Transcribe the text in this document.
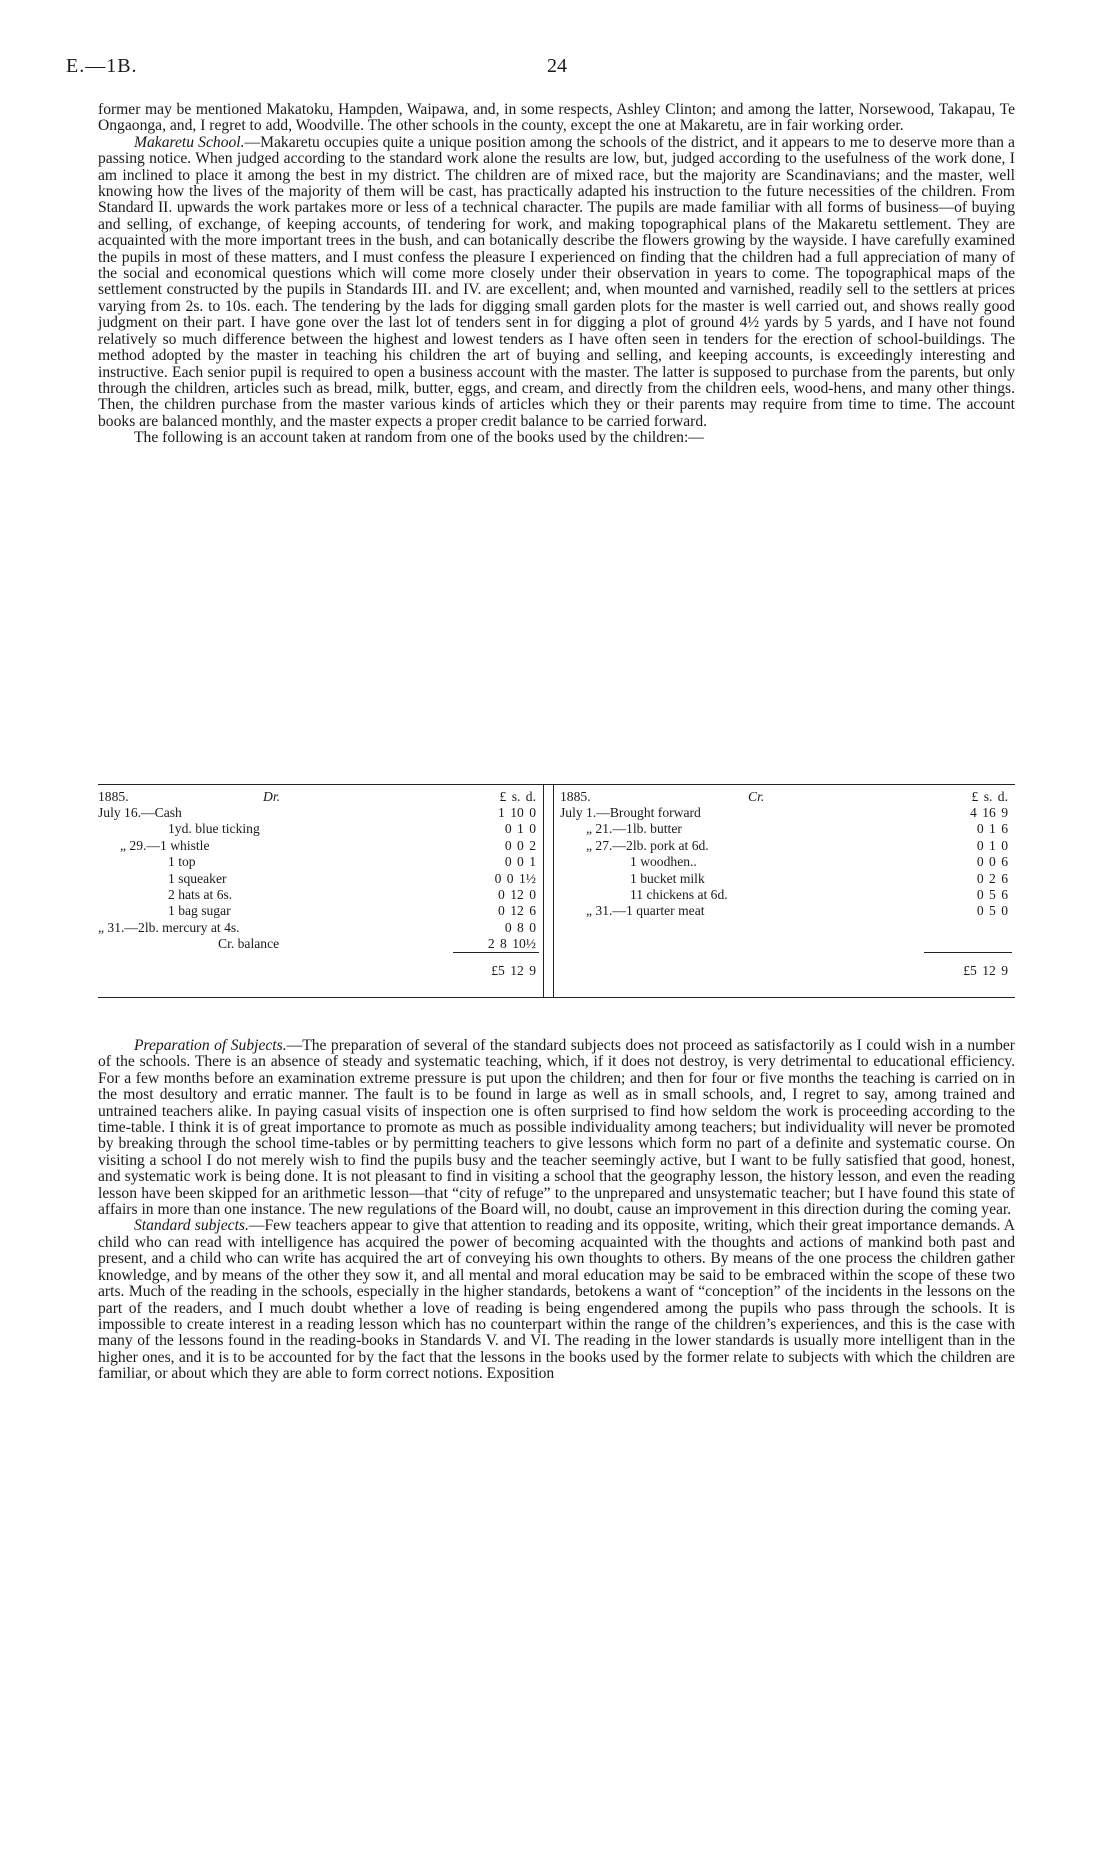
E.—1B.	24

former may be mentioned Makatoku, Hampden, Waipawa, and, in some respects, Ashley Clinton; and among the latter, Norsewood, Takapau, Te Ongaonga, and, I regret to add, Woodville. The other schools in the county, except the one at Makaretu, are in fair working order.

Makaretu School.—Makaretu occupies quite a unique position among the schools of the district, and it appears to me to deserve more than a passing notice. When judged according to the standard work alone the results are low, but, judged according to the usefulness of the work done, I am inclined to place it among the best in my district. The children are of mixed race, but the majority are Scandinavians; and the master, well knowing how the lives of the majority of them will be cast, has practically adapted his instruction to the future necessities of the children. From Standard II. upwards the work partakes more or less of a technical character. The pupils are made familiar with all forms of business—of buying and selling, of exchange, of keeping accounts, of tendering for work, and making topographical plans of the Makaretu settlement. They are acquainted with the more important trees in the bush, and can botanically describe the flowers growing by the wayside. I have carefully examined the pupils in most of these matters, and I must confess the pleasure I experienced on finding that the children had a full appreciation of many of the social and economical questions which will come more closely under their observation in years to come. The topographical maps of the settlement constructed by the pupils in Standards III. and IV. are excellent; and, when mounted and varnished, readily sell to the settlers at prices varying from 2s. to 10s. each. The tendering by the lads for digging small garden plots for the master is well carried out, and shows really good judgment on their part. I have gone over the last lot of tenders sent in for digging a plot of ground 4½ yards by 5 yards, and I have not found relatively so much difference between the highest and lowest tenders as I have often seen in tenders for the erection of school-buildings. The method adopted by the master in teaching his children the art of buying and selling, and keeping accounts, is exceedingly interesting and instructive. Each senior pupil is required to open a business account with the master. The latter is supposed to purchase from the parents, but only through the children, articles such as bread, milk, butter, eggs, and cream, and directly from the children eels, wood-hens, and many other things. Then, the children purchase from the master various kinds of articles which they or their parents may require from time to time. The account books are balanced monthly, and the master expects a proper credit balance to be carried forward.

The following is an account taken at random from one of the books used by the children:—

1885.	Dr.	£ s. d.
July 16.—Cash	1 10 0
1yd. blue ticking	0 1 0
„ 29.—1 whistle	0 0 2
1 top	0 0 1
1 squeaker	0 0 1½
2 hats at 6s.	0 12 0
1 bag sugar	0 12 6
„ 31.—2lb. mercury at 4s.	0 8 0
Cr. balance	2 8 10½
£5 12 9
1885.	Cr.	£ s. d.
July 1.—Brought forward	4 16 9
„ 21.—1lb. butter	0 1 6
„ 27.—2lb. pork at 6d.	0 1 0
1 woodhen..	0 0 6
1 bucket milk	0 2 6
11 chickens at 6d.	0 5 6
„ 31.—1 quarter meat	0 5 0
£5 12 9

Preparation of Subjects.—The preparation of several of the standard subjects does not proceed as satisfactorily as I could wish in a number of the schools. There is an absence of steady and systematic teaching, which, if it does not destroy, is very detrimental to educational efficiency. For a few months before an examination extreme pressure is put upon the children; and then for four or five months the teaching is carried on in the most desultory and erratic manner. The fault is to be found in large as well as in small schools, and, I regret to say, among trained and untrained teachers alike. In paying casual visits of inspection one is often surprised to find how seldom the work is proceeding according to the time-table. I think it is of great importance to promote as much as possible individuality among teachers; but individuality will never be promoted by breaking through the school time-tables or by permitting teachers to give lessons which form no part of a definite and systematic course. On visiting a school I do not merely wish to find the pupils busy and the teacher seemingly active, but I want to be fully satisfied that good, honest, and systematic work is being done. It is not pleasant to find in visiting a school that the geography lesson, the history lesson, and even the reading lesson have been skipped for an arithmetic lesson—that “city of refuge” to the unprepared and unsystematic teacher; but I have found this state of affairs in more than one instance. The new regulations of the Board will, no doubt, cause an improvement in this direction during the coming year.

Standard subjects.—Few teachers appear to give that attention to reading and its opposite, writing, which their great importance demands. A child who can read with intelligence has acquired the power of becoming acquainted with the thoughts and actions of mankind both past and present, and a child who can write has acquired the art of conveying his own thoughts to others. By means of the one process the children gather knowledge, and by means of the other they sow it, and all mental and moral education may be said to be embraced within the scope of these two arts. Much of the reading in the schools, especially in the higher standards, betokens a want of “conception” of the incidents in the lessons on the part of the readers, and I much doubt whether a love of reading is being engendered among the pupils who pass through the schools. It is impossible to create interest in a reading lesson which has no counterpart within the range of the children’s experiences, and this is the case with many of the lessons found in the reading-books in Standards V. and VI. The reading in the lower standards is usually more intelligent than in the higher ones, and it is to be accounted for by the fact that the lessons in the books used by the former relate to subjects with which the children are familiar, or about which they are able to form correct notions. Exposition
